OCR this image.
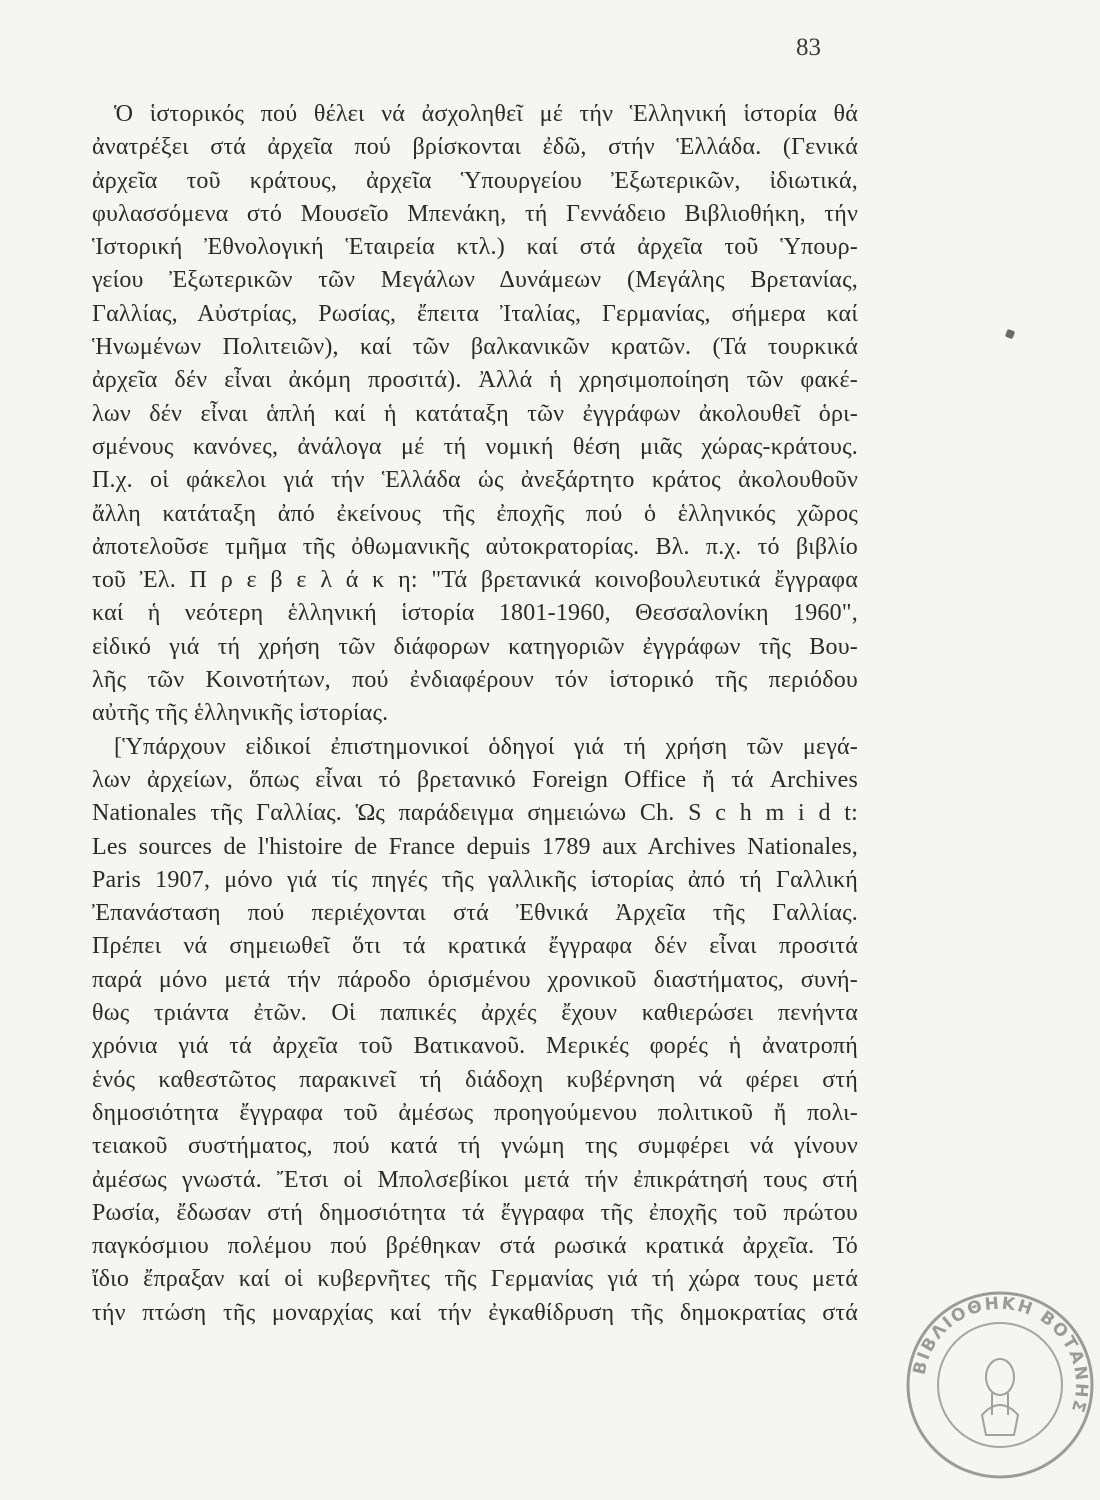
83
Ὁ ἱστορικός πού θέλει νά ἀσχοληθεῖ μέ τήν Ἑλληνική ἱστορία θά
ἀνατρέξει στά ἀρχεῖα πού βρίσκονται ἐδῶ, στήν Ἑλλάδα. (Γενικά
ἀρχεῖα τοῦ κράτους, ἀρχεῖα Ὑπουργείου Ἐξωτερικῶν, ἰδιωτικά,
φυλασσόμενα στό Μουσεῖο Μπενάκη, τή Γεννάδειο Βιβλιοθήκη, τήν
Ἱστορική Ἐθνολογική Ἑταιρεία κτλ.) καί στά ἀρχεῖα τοῦ Ὑπουρ-
γείου Ἐξωτερικῶν τῶν Μεγάλων Δυνάμεων (Μεγάλης Βρετανίας,
Γαλλίας, Αὐστρίας, Ρωσίας, ἔπειτα Ἰταλίας, Γερμανίας, σήμερα καί
Ἡνωμένων Πολιτειῶν), καί τῶν βαλκανικῶν κρατῶν. (Τά τουρκικά
ἀρχεῖα δέν εἶναι ἀκόμη προσιτά). Ἀλλά ἡ χρησιμοποίηση τῶν φακέ-
λων δέν εἶναι ἁπλή καί ἡ κατάταξη τῶν ἐγγράφων ἀκολουθεῖ ὁρι-
σμένους κανόνες, ἀνάλογα μέ τή νομική θέση μιᾶς χώρας-κράτους.
Π.χ. οἱ φάκελοι γιά τήν Ἑλλάδα ὡς ἀνεξάρτητο κράτος ἀκολουθοῦν
ἄλλη κατάταξη ἀπό ἐκείνους τῆς ἐποχῆς πού ὁ ἑλληνικός χῶρος
ἀποτελοῦσε τμῆμα τῆς ὀθωμανικῆς αὐτοκρατορίας. Βλ. π.χ. τό βιβλίο
τοῦ Ἐλ. Π ρ ε β ε λ ά κ η: "Τά βρετανικά κοινοβουλευτικά ἔγγραφα
καί ἡ νεότερη ἑλληνική ἱστορία 1801-1960, Θεσσαλονίκη 1960",
εἰδικό γιά τή χρήση τῶν διάφορων κατηγοριῶν ἐγγράφων τῆς Βου-
λῆς τῶν Κοινοτήτων, πού ἐνδιαφέρουν τόν ἱστορικό τῆς περιόδου
αὐτῆς τῆς ἑλληνικῆς ἱστορίας.
[Ὑπάρχουν εἰδικοί ἐπιστημονικοί ὁδηγοί γιά τή χρήση τῶν μεγά-
λων ἀρχείων, ὅπως εἶναι τό βρετανικό Foreign Office ἤ τά Archives
Nationales τῆς Γαλλίας. Ὡς παράδειγμα σημειώνω Ch. S c h m i d t:
Les sources de l'histoire de France depuis 1789 aux Archives Nationales,
Paris 1907, μόνο γιά τίς πηγές τῆς γαλλικῆς ἱστορίας ἀπό τή Γαλλική
Ἐπανάσταση πού περιέχονται στά Ἐθνικά Ἀρχεῖα τῆς Γαλλίας.
Πρέπει νά σημειωθεῖ ὅτι τά κρατικά ἔγγραφα δέν εἶναι προσιτά
παρά μόνο μετά τήν πάροδο ὁρισμένου χρονικοῦ διαστήματος, συνή-
θως τριάντα ἐτῶν. Οἱ παπικές ἀρχές ἔχουν καθιερώσει πενήντα
χρόνια γιά τά ἀρχεῖα τοῦ Βατικανοῦ. Μερικές φορές ἡ ἀνατροπή
ἑνός καθεστῶτος παρακινεῖ τή διάδοχη κυβέρνηση νά φέρει στή
δημοσιότητα ἔγγραφα τοῦ ἀμέσως προηγούμενου πολιτικοῦ ἤ πολι-
τειακοῦ συστήματος, πού κατά τή γνώμη της συμφέρει νά γίνουν
ἀμέσως γνωστά. Ἔτσι οἱ Μπολσεβίκοι μετά τήν ἐπικράτησή τους στή
Ρωσία, ἔδωσαν στή δημοσιότητα τά ἔγγραφα τῆς ἐποχῆς τοῦ πρώτου
παγκόσμιου πολέμου πού βρέθηκαν στά ρωσικά κρατικά ἀρχεῖα. Τό
ἴδιο ἔπραξαν καί οἱ κυβερνῆτες τῆς Γερμανίας γιά τή χώρα τους μετά
τήν πτώση τῆς μοναρχίας καί τήν ἐγκαθίδρυση τῆς δημοκρατίας στά
ΒΙΒΛΙΟΘΗΚΗ ΒΟΤΑΝΗΣ
